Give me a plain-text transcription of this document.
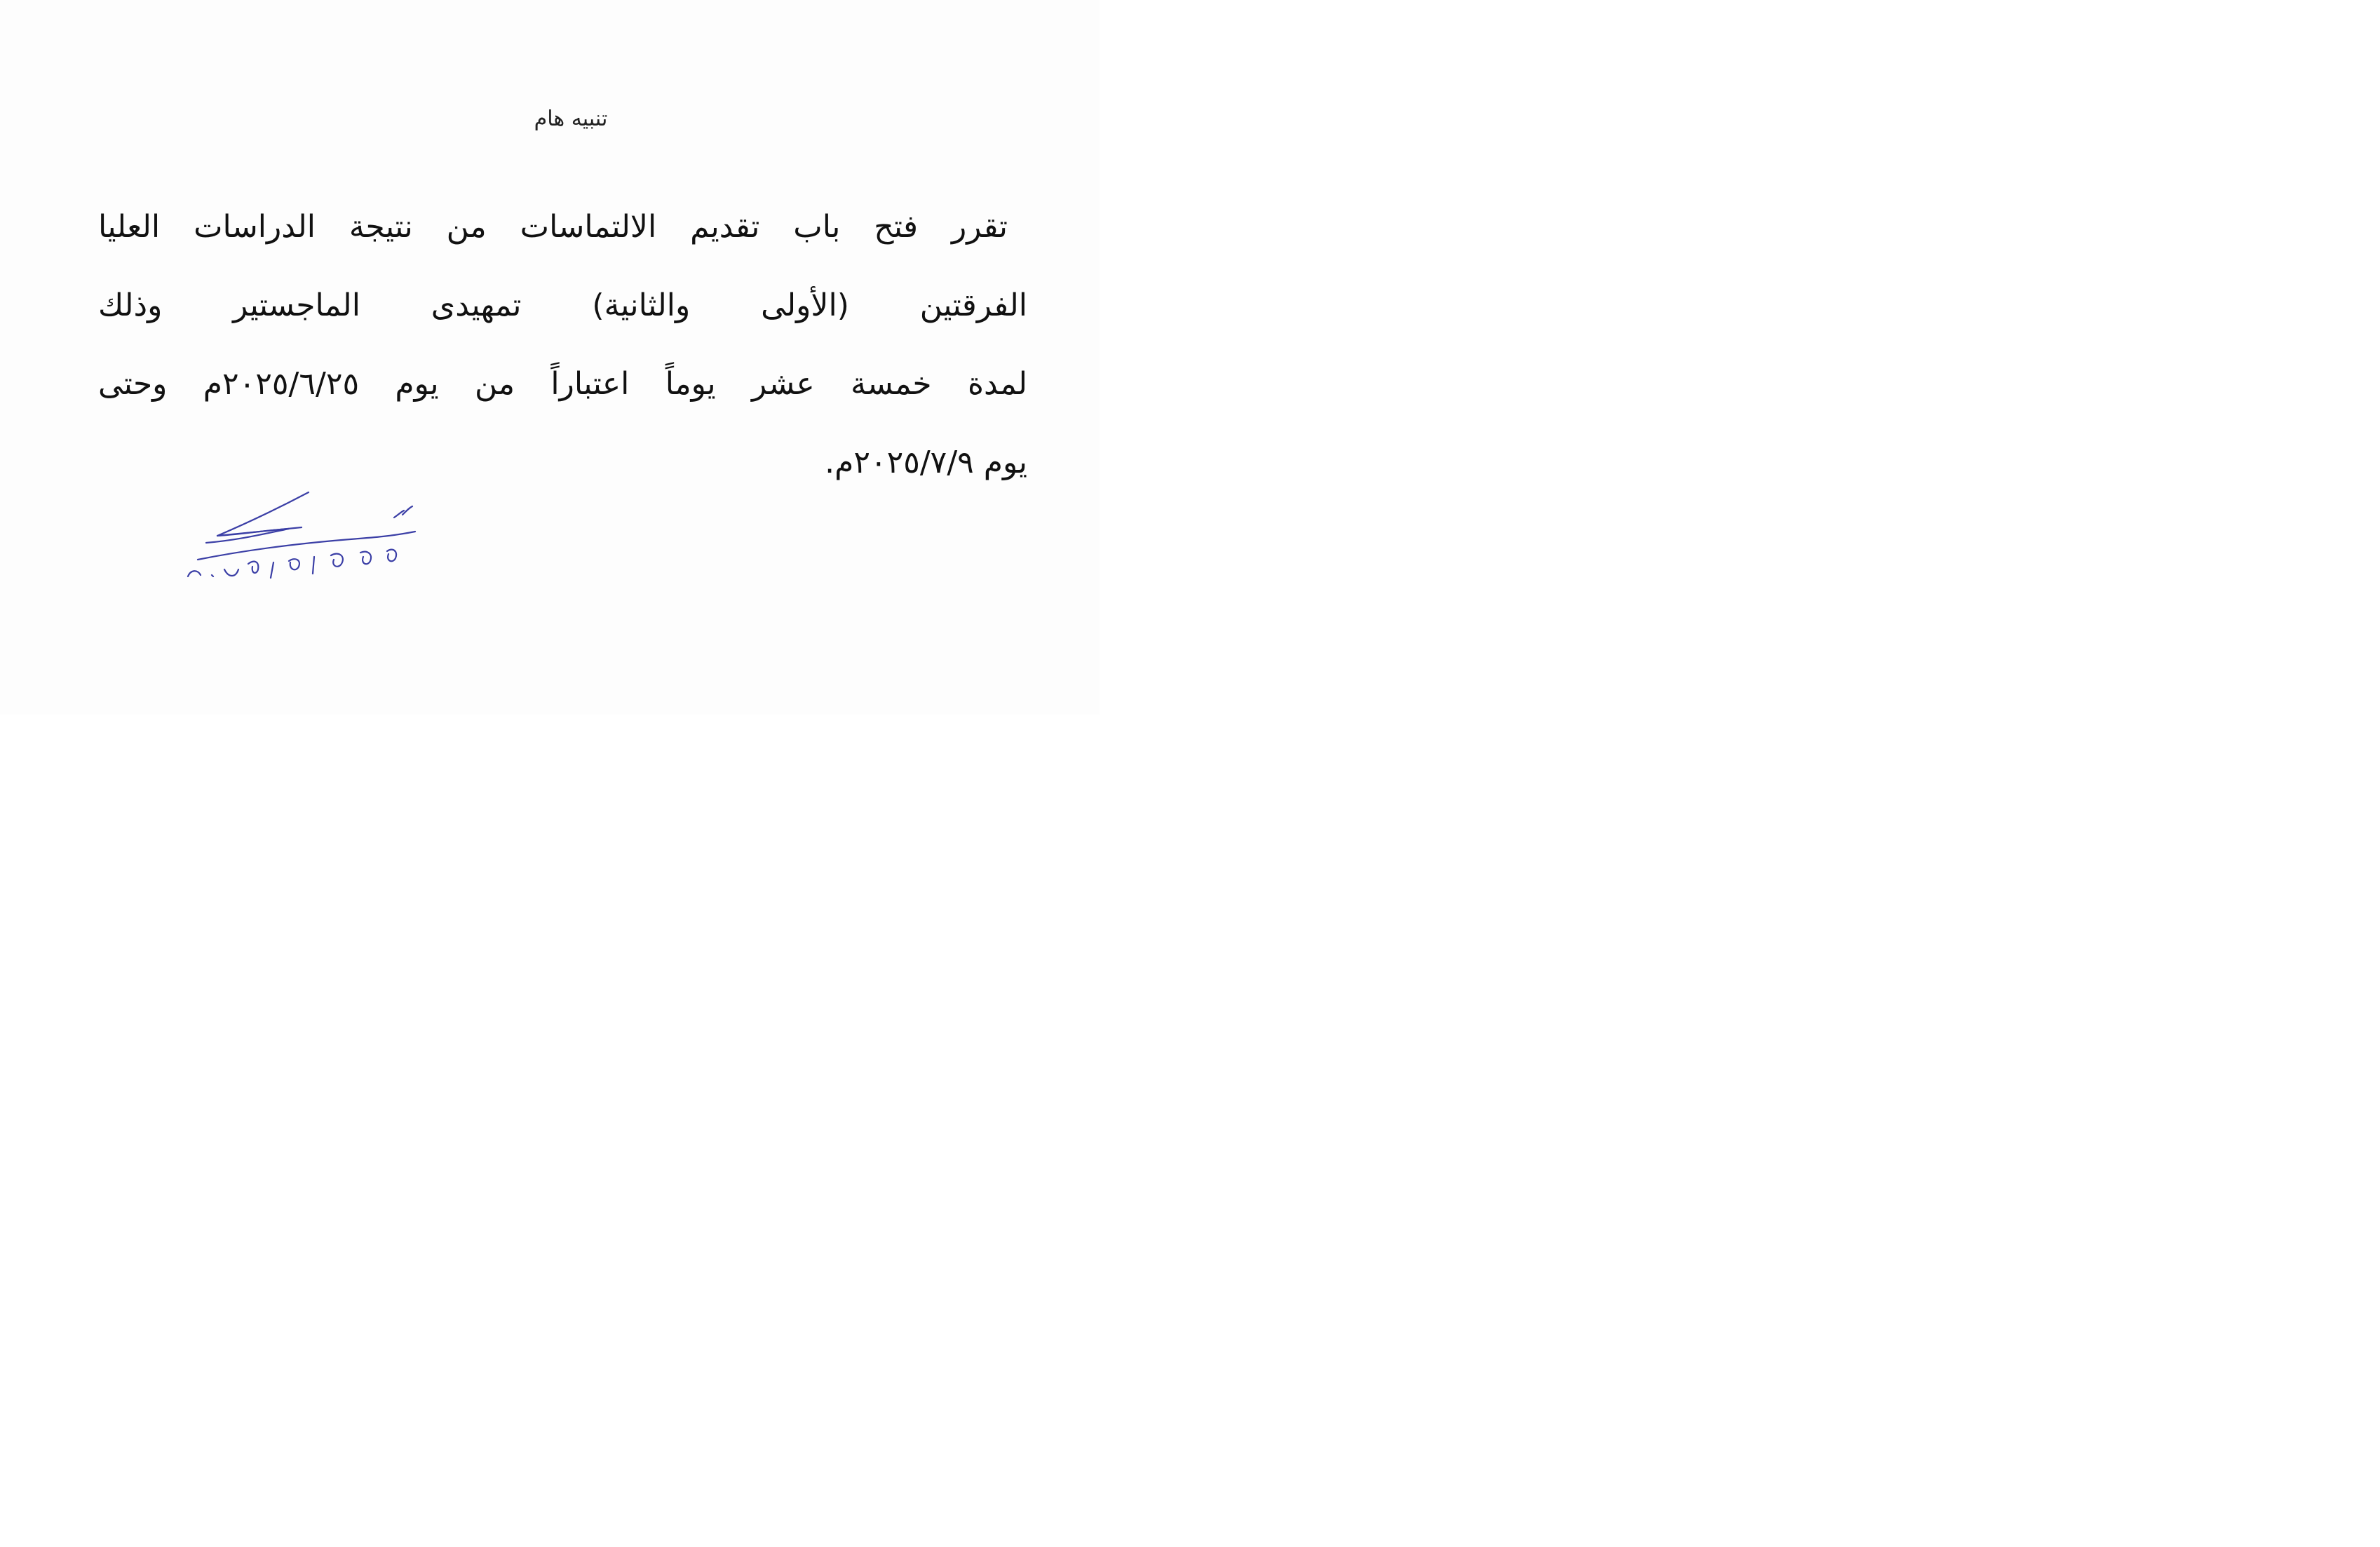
تنبيه هام
تقرر فتح باب تقديم الالتماسات من نتيجة الدراسات العليا
الفرقتين (الأولى والثانية) تمهيدى الماجستير وذلك
لمدة خمسة عشر يوماً اعتباراً من يوم ٢٠٢٥/٦/٢٥م وحتى
يوم ٢٠٢٥/٧/٩م.
